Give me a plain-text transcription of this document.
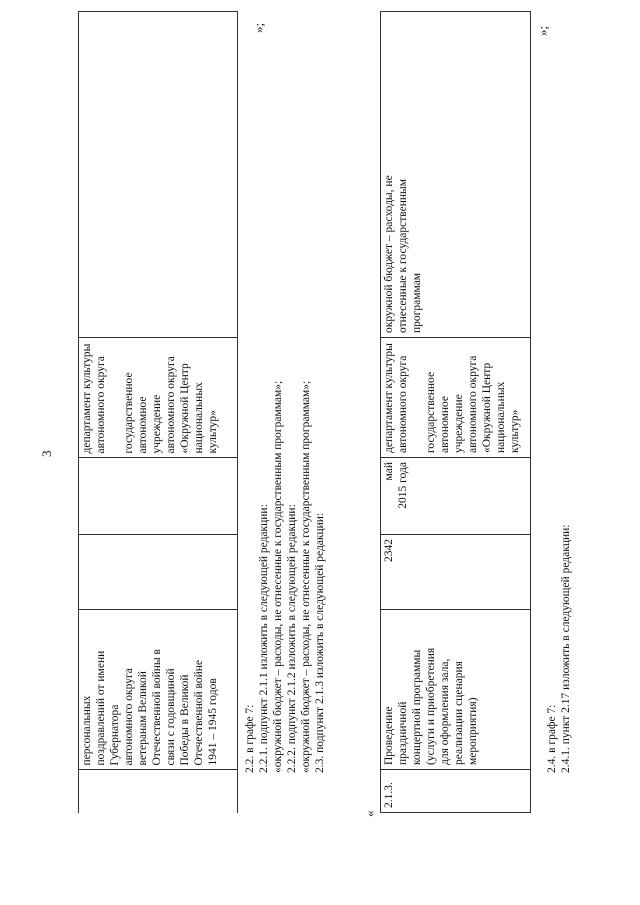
3
	персональных
поздравлений от имени
Губернатора
автономного округа
ветеранам Великой
Отечественной войны в
связи с годовщиной
Победы в Великой
Отечественной войне
1941 – 1945 годов			департамент культуры
автономного округа

государственное
автономное учреждение
автономного округа
«Окружной Центр
национальных культур»	
»;
2.2. в графе 7: 2.2.1. подпункт 2.1.1 изложить в следующей редакции: «окружной бюджет – расходы, не отнесенные к государственным программам»; 2.2.2. подпункт 2.1.2 изложить в следующей редакции: «окружной бюджет – расходы, не отнесенные к государственным программам»; 2.3. подпункт 2.1.3 изложить в следующей редакции:
«
2.1.3.	Проведение
праздничной
концертной программы
(услуги и приобретения
для оформления зала,
реализации сценария
мероприятия)	2342	май
2015 года	департамент культуры
автономного округа

государственное
автономное учреждение
автономного округа
«Окружной Центр
национальных культур»	окружной бюджет – расходы, не
отнесенные к государственным
программам
»;
2.4. в графе 7: 2.4.1. пункт 2.17 изложить в следующей редакции:
